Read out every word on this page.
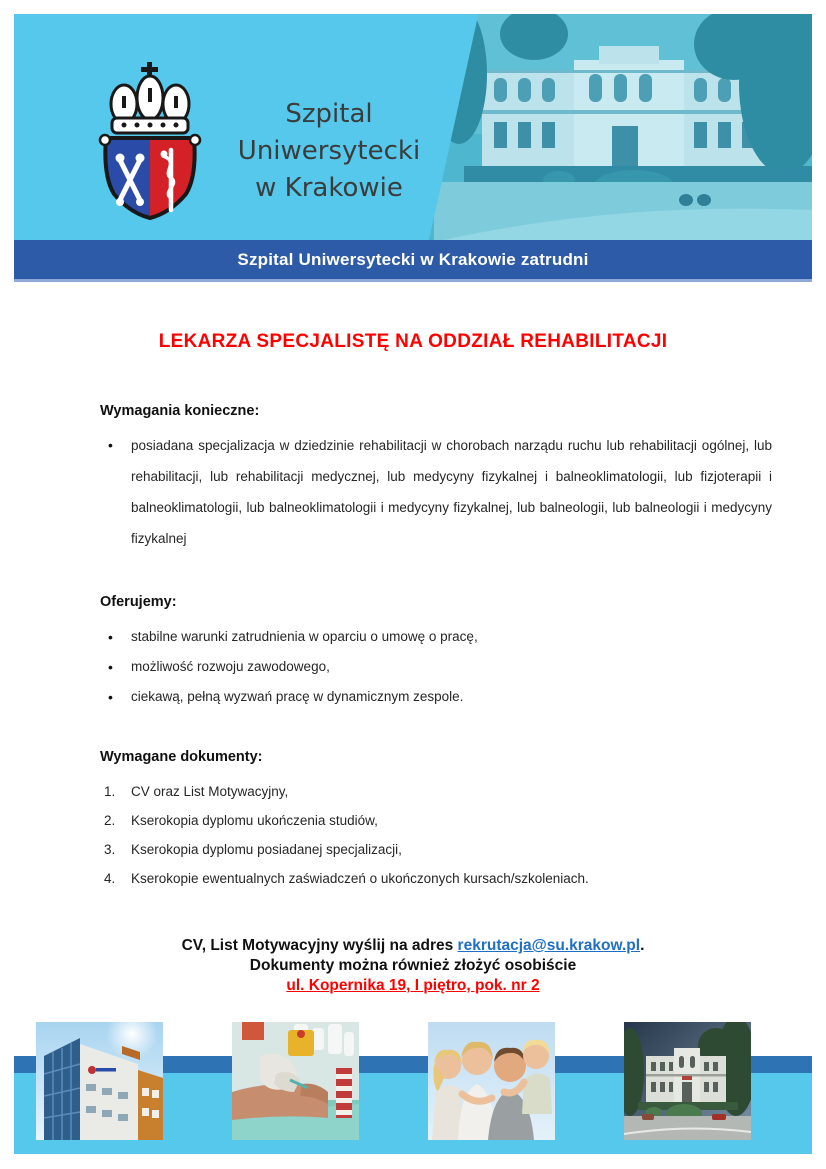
Szpital
Uniwersytecki
w Krakowie
Szpital Uniwersytecki w Krakowie zatrudni
LEKARZA SPECJALISTĘ NA ODDZIAŁ REHABILITACJI
Wymagania konieczne:
•	posiadana specjalizacja w dziedzinie rehabilitacji w chorobach narządu ruchu lub rehabilitacji ogólnej, lub rehabilitacji, lub rehabilitacji medycznej, lub medycyny fizykalnej i balneoklimatologii, lub fizjoterapii i balneoklimatologii, lub balneoklimatologii i medycyny fizykalnej, lub balneologii, lub balneologii i medycyny fizykalnej
Oferujemy:
•	stabilne warunki zatrudnienia w oparciu o umowę o pracę,
•	możliwość rozwoju zawodowego,
•	ciekawą, pełną wyzwań pracę w dynamicznym zespole.
Wymagane dokumenty:
1.	CV oraz List Motywacyjny,
2.	Kserokopia dyplomu ukończenia studiów,
3.	Kserokopia dyplomu posiadanej specjalizacji,
4.	Kserokopie ewentualnych zaświadczeń o ukończonych kursach/szkoleniach.
CV, List Motywacyjny wyślij na adres rekrutacja@su.krakow.pl.
Dokumenty można również złożyć osobiście
ul. Kopernika 19, I piętro, pok. nr 2
